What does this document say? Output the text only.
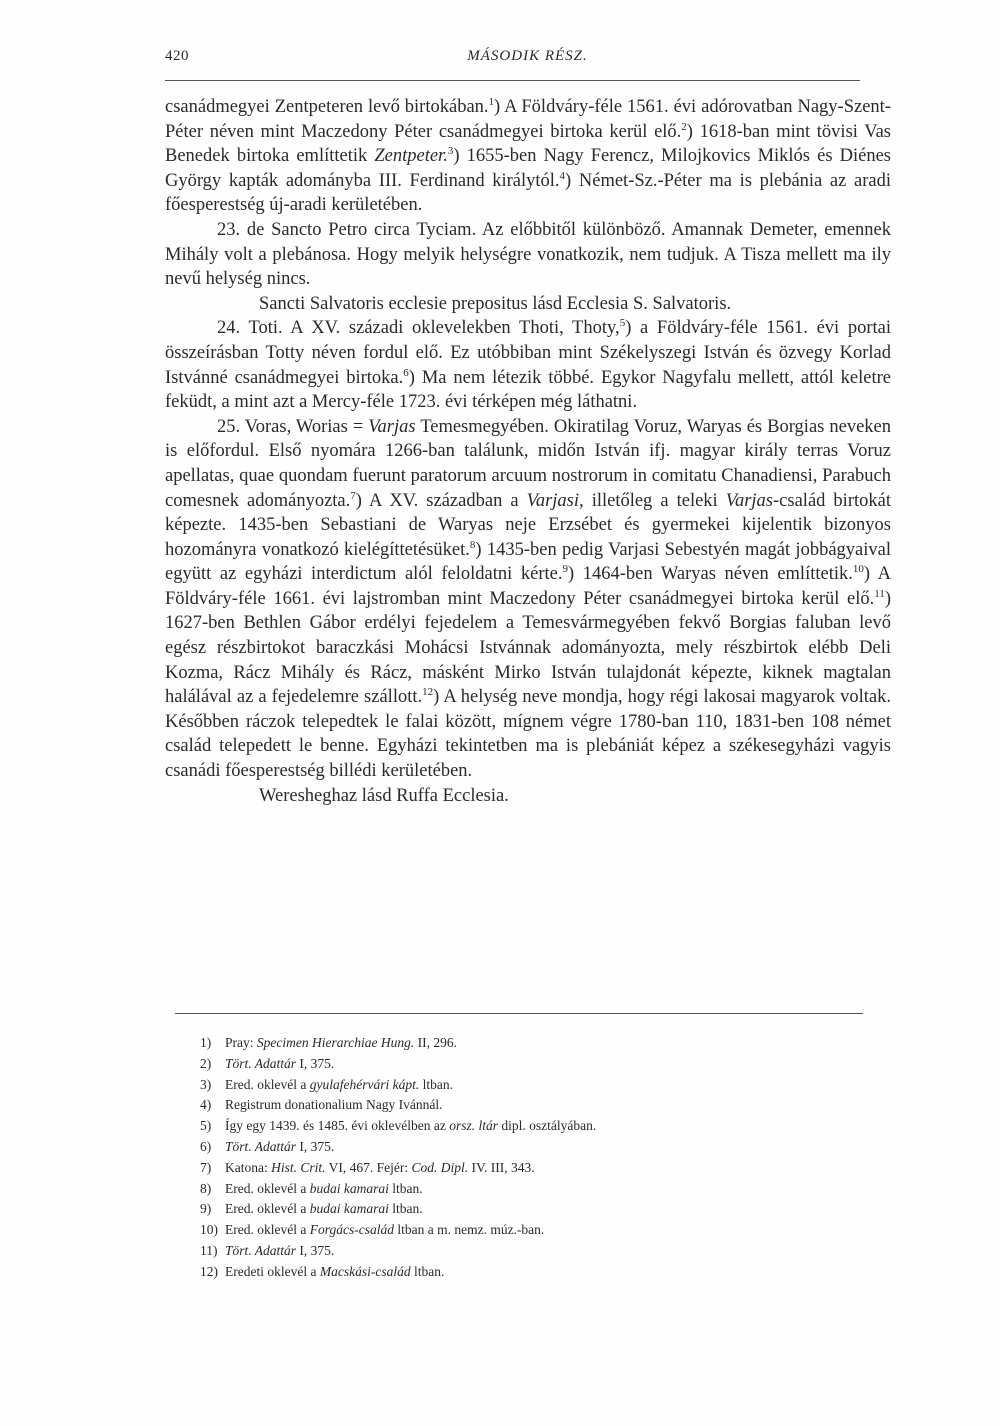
420	MÁSODIK RÉSZ.

csanádmegyei Zentpeteren levő birtokában.$^1$) A Földváry-féle 1561. évi adórovatban Nagy-Szent-Péter néven mint Maczedony Péter csanádmegyei birtoka kerül elő.$^2$) 1618-ban mint tövisi Vas Benedek birtoka említtetik Zentpeter.$^3$) 1655-ben Nagy Ferencz, Milojkovics Miklós és Diénes György kapták adományba III. Ferdinand királytól.$^4$) Német-Sz.-Péter ma is plebánia az aradi főesperestség új-aradi kerületében.

23. de Sancto Petro circa Tyciam. Az előbbitől különböző. Amannak Demeter, emennek Mihály volt a plebánosa. Hogy melyik helységre vonatkozik, nem tudjuk. A Tisza mellett ma ily nevű helység nincs.

Sancti Salvatoris ecclesie prepositus lásd Ecclesia S. Salvatoris.

24. Toti. A XV. századi oklevelekben Thoti, Thoty,$^5$) a Földváry-féle 1561. évi portai összeírásban Totty néven fordul elő. Ez utóbbiban mint Székelyszegi István és özvegy Korlad Istvánné csanádmegyei birtoka.$^6$) Ma nem létezik többé. Egykor Nagyfalu mellett, attól keletre feküdt, a mint azt a Mercy-féle 1723. évi térképen még láthatni.

25. Voras, Worias = Varjas Temesmegyében. Okiratilag Voruz, Waryas és Borgias neveken is előfordul. Első nyomára 1266-ban találunk, midőn István ifj. magyar király terras Voruz apellatas, quae quondam fuerunt paratorum arcuum nostrorum in comitatu Chanadiensi, Parabuch comesnek adományozta.$^7$) A XV. században a Varjasi, illetőleg a teleki Varjas-család birtokát képezte. 1435-ben Sebastiani de Waryas neje Erzsébet és gyermekei kijelentik bizonyos hozományra vonatkozó kielégíttetésüket.$^8$) 1435-ben pedig Varjasi Sebestyén magát jobbágyaival együtt az egyházi interdictum alól feloldatni kérte.$^9$) 1464-ben Waryas néven említtetik.$^{10}$) A Földváry-féle 1661. évi lajstromban mint Maczedony Péter csanádmegyei birtoka kerül elő.$^{11}$) 1627-ben Bethlen Gábor erdélyi fejedelem a Temesvármegyében fekvő Borgias faluban levő egész részbirtokot baraczkási Mohácsi Istvánnak adományozta, mely részbirtok elébb Deli Kozma, Rácz Mihály és Rácz, másként Mirko István tulajdonát képezte, kiknek magtalan halálával az a fejedelemre szállott.$^{12}$) A helység neve mondja, hogy régi lakosai magyarok voltak. Későbben ráczok telepedtek le falai között, mígnem végre 1780-ban 110, 1831-ben 108 német család telepedett le benne. Egyházi tekintetben ma is plebániát képez a székesegyházi vagyis csanádi főesperestség billédi kerületében.

Weresheghaz lásd Ruffa Ecclesia.

1) Pray: Specimen Hierarchiae Hung. II, 296.
2) Tört. Adattár I, 375.
3) Ered. oklevél a gyulafehérvári kápt. ltban.
4) Registrum donationalium Nagy Ivánnál.
5) Így egy 1439. és 1485. évi oklevélben az orsz. ltár dipl. osztályában.
6) Tört. Adattár I, 375.
7) Katona: Hist. Crit. VI, 467. Fejér: Cod. Dipl. IV. III, 343.
8) Ered. oklevél a budai kamarai ltban.
9) Ered. oklevél a budai kamarai ltban.
10) Ered. oklevél a Forgács-család ltban a m. nemz. múz.-ban.
11) Tört. Adattár I, 375.
12) Eredeti oklevél a Macskási-család ltban.
